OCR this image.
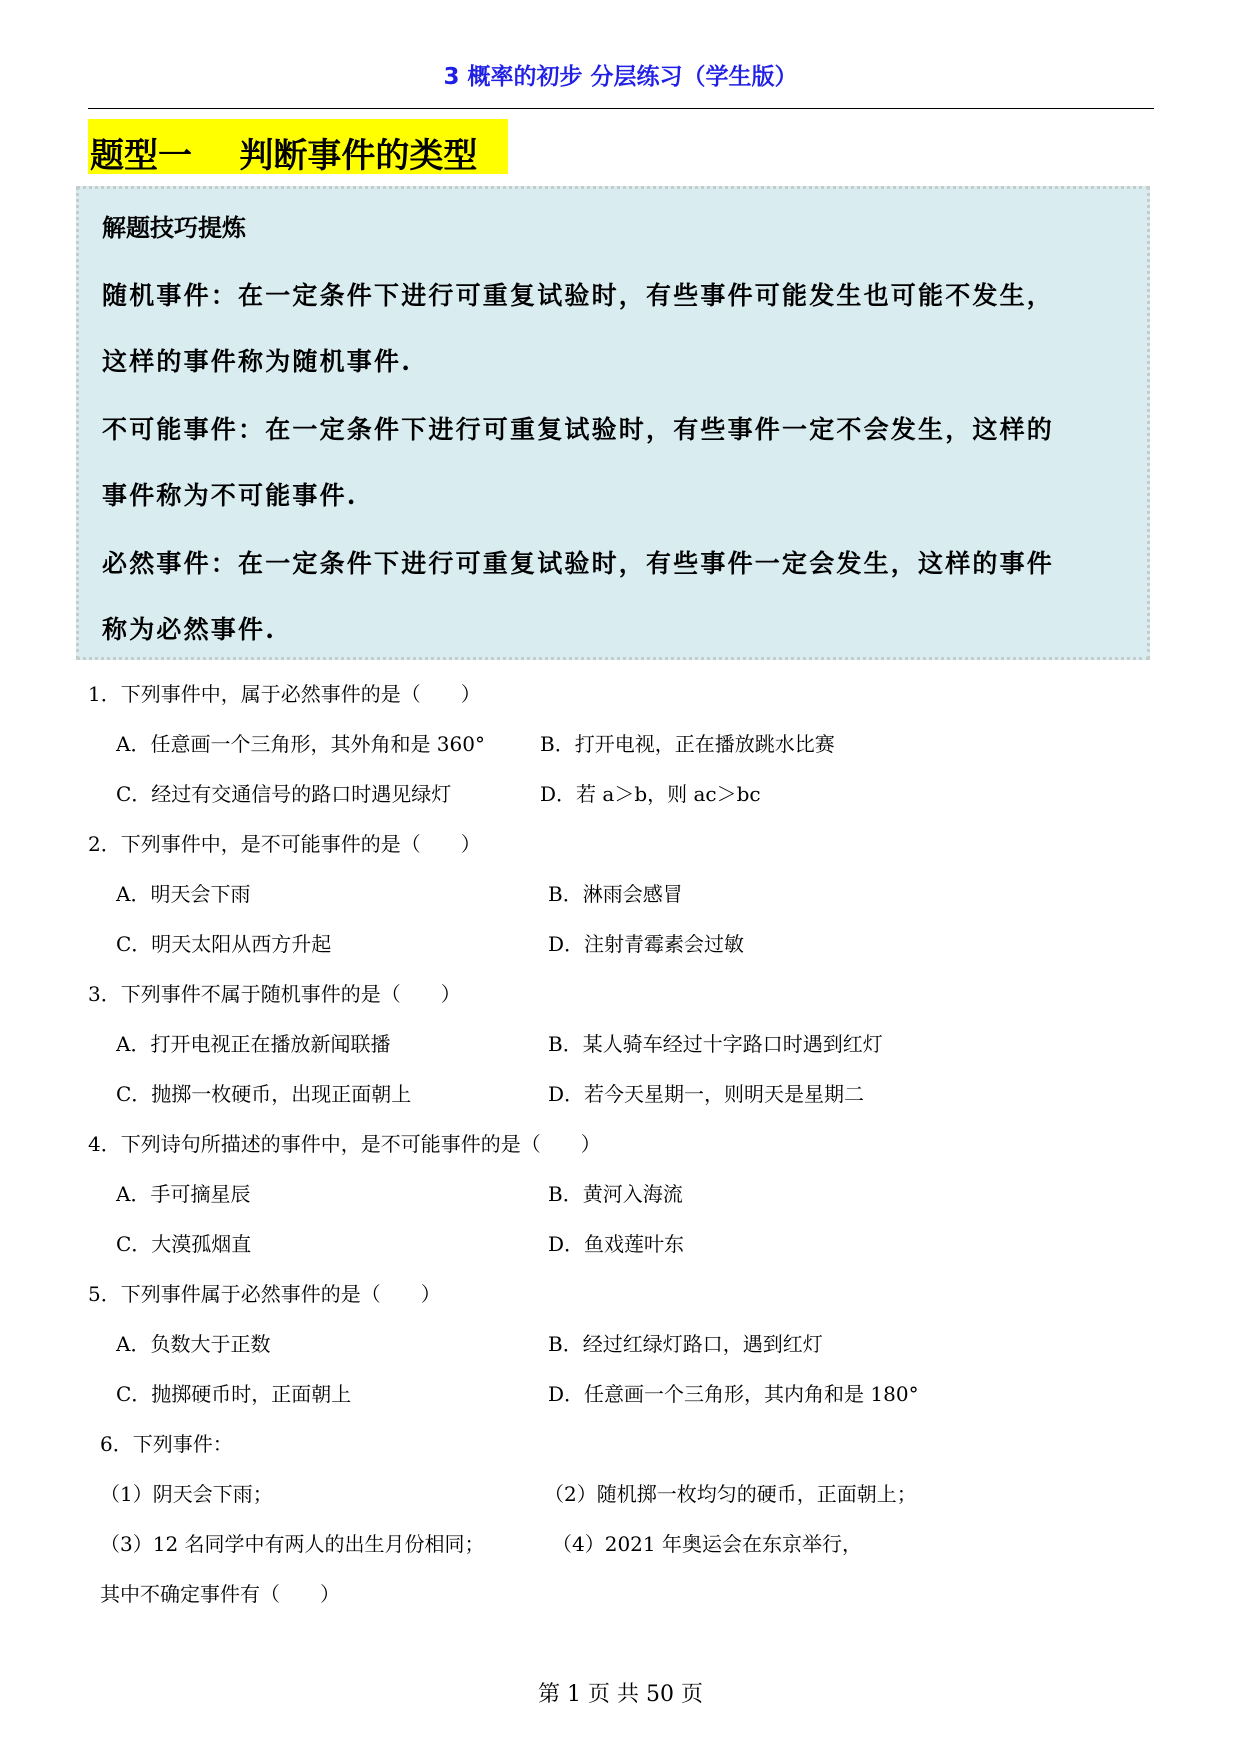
3 概率的初步 分层练习（学生版）
题型一    判断事件的类型
解题技巧提炼
随机事件：在一定条件下进行可重复试验时，有些事件可能发生也可能不发生，
这样的事件称为随机事件.
不可能事件：在一定条件下进行可重复试验时，有些事件一定不会发生，这样的
事件称为不可能事件.
必然事件：在一定条件下进行可重复试验时，有些事件一定会发生，这样的事件
称为必然事件.
1．下列事件中，属于必然事件的是（　　）
A．任意画一个三角形，其外角和是 360°	B．打开电视，正在播放跳水比赛
C．经过有交通信号的路口时遇见绿灯	D．若 a＞b，则 ac＞bc
2．下列事件中，是不可能事件的是（　　）
A．明天会下雨	B．淋雨会感冒
C．明天太阳从西方升起	D．注射青霉素会过敏
3．下列事件不属于随机事件的是（　　）
A．打开电视正在播放新闻联播	B．某人骑车经过十字路口时遇到红灯
C．抛掷一枚硬币，出现正面朝上	D．若今天星期一，则明天是星期二
4．下列诗句所描述的事件中，是不可能事件的是（　　）
A．手可摘星辰	B．黄河入海流
C．大漠孤烟直	D．鱼戏莲叶东
5．下列事件属于必然事件的是（　　）
A．负数大于正数	B．经过红绿灯路口，遇到红灯
C．抛掷硬币时，正面朝上	D．任意画一个三角形，其内角和是 180°
6．下列事件：
（1）阴天会下雨；	（2）随机掷一枚均匀的硬币，正面朝上；
（3）12 名同学中有两人的出生月份相同；	（4）2021 年奥运会在东京举行，
其中不确定事件有（　　）
第 1 页 共 50 页
